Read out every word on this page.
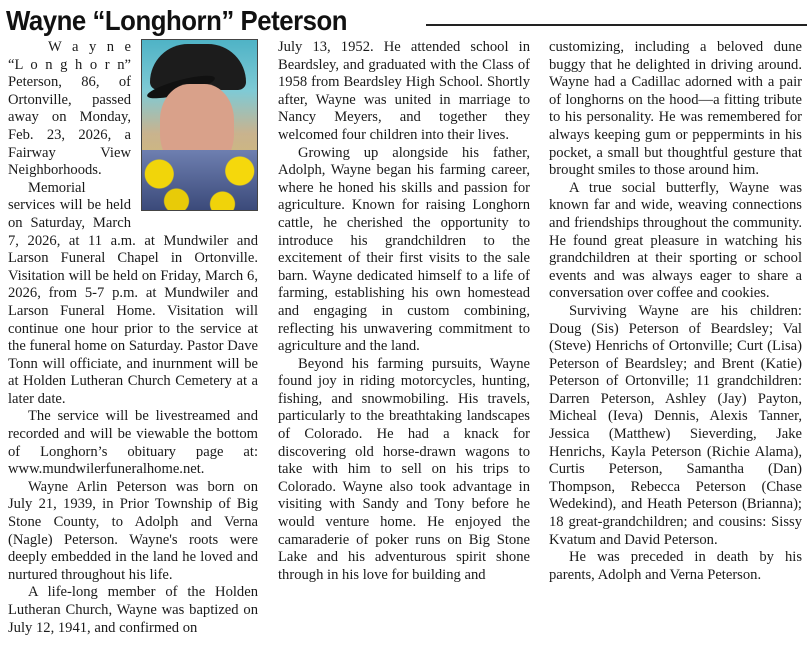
Wayne “Longhorn” Peterson

W a y n e

“L o n g h o r n”

Peterson, 86, of Ortonville, passed away on Monday, Feb. 23, 2026, a Fairway View Neighborhoods.

Memorial services will be held on Saturday, March 7, 2026, at 11 a.m. at Mundwiler and Larson Funeral Chapel in Ortonville. Visitation will be held on Friday, March 6, 2026, from 5-7 p.m. at Mundwiler and Larson Funeral Home. Visitation will continue one hour prior to the service at the funeral home on Saturday. Pastor Dave Tonn will officiate, and inurnment will be at Holden Lutheran Church Cemetery at a later date.

The service will be livestreamed and recorded and will be viewable the bottom of Longhorn’s obituary page at: www.mundwilerfuneralhome.net.

Wayne Arlin Peterson was born on July 21, 1939, in Prior Township of Big Stone County, to Adolph and Verna (Nagle) Peterson. Wayne's roots were deeply embedded in the land he loved and nurtured throughout his life.

A life-long member of the Holden Lutheran Church, Wayne was baptized on July 12, 1941, and confirmed on

July 13, 1952. He attended school in Beardsley, and graduated with the Class of 1958 from Beardsley High School. Shortly after, Wayne was united in marriage to Nancy Meyers, and together they welcomed four children into their lives.

Growing up alongside his father, Adolph, Wayne began his farming career, where he honed his skills and passion for agriculture. Known for raising Longhorn cattle, he cherished the opportunity to introduce his grandchildren to the excitement of their first visits to the sale barn. Wayne dedicated himself to a life of farming, establishing his own homestead and engaging in custom combining, reflecting his unwavering commitment to agriculture and the land.

Beyond his farming pursuits, Wayne found joy in riding motorcycles, hunting, fishing, and snowmobiling. His travels, particularly to the breathtaking landscapes of Colorado. He had a knack for discovering old horse-drawn wagons to take with him to sell on his trips to Colorado. Wayne also took advantage in visiting with Sandy and Tony before he would venture home. He enjoyed the camaraderie of poker runs on Big Stone Lake and his adventurous spirit shone through in his love for building and

customizing, including a beloved dune buggy that he delighted in driving around. Wayne had a Cadillac adorned with a pair of longhorns on the hood—a fitting tribute to his personality. He was remembered for always keeping gum or peppermints in his pocket, a small but thoughtful gesture that brought smiles to those around him.

A true social butterfly, Wayne was known far and wide, weaving connections and friendships throughout the community. He found great pleasure in watching his grandchildren at their sporting or school events and was always eager to share a conversation over coffee and cookies.

Surviving Wayne are his children: Doug (Sis) Peterson of Beardsley; Val (Steve) Henrichs of Ortonville; Curt (Lisa) Peterson of Beardsley; and Brent (Katie) Peterson of Ortonville; 11 grandchildren: Darren Peterson, Ashley (Jay) Payton, Micheal (Ieva) Dennis, Alexis Tanner, Jessica (Matthew) Sieverding, Jake Henrichs, Kayla Peterson (Richie Alama), Curtis Peterson, Samantha (Dan) Thompson, Rebecca Peterson (Chase Wedekind), and Heath Peterson (Brianna); 18 great-grandchildren; and cousins: Sissy Kvatum and David Peterson.

He was preceded in death by his parents, Adolph and Verna Peterson.
